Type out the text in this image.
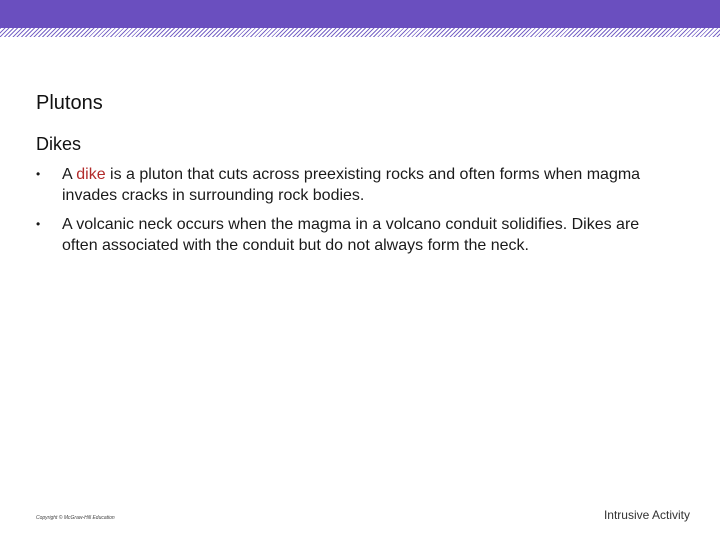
Plutons
Dikes
• A dike is a pluton that cuts across preexisting rocks and often forms when magma invades cracks in surrounding rock bodies.
• A volcanic neck occurs when the magma in a volcano conduit solidifies. Dikes are often associated with the conduit but do not always form the neck.
Copyright © McGraw-Hill Education	Intrusive Activity
